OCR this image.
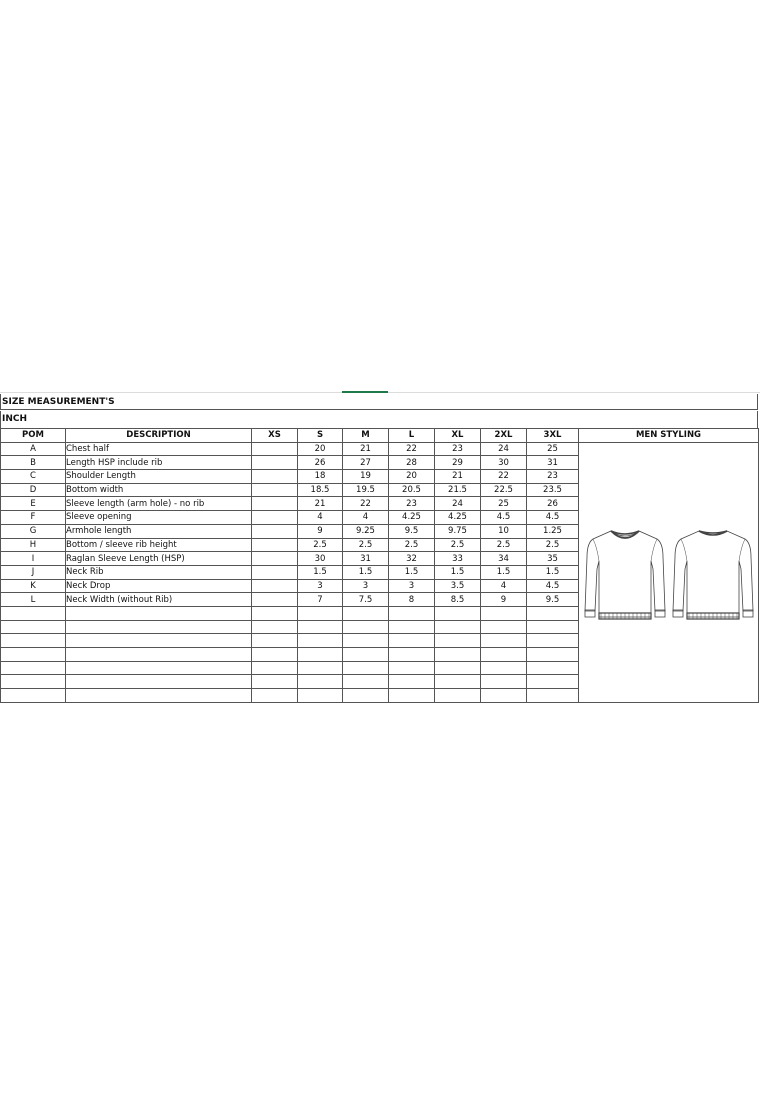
SIZE MEASUREMENT'S
INCH
POM	DESCRIPTION	XS	S	M	L	XL	2XL	3XL	MEN STYLING
A	Chest half		20	21	22	23	24	25	

B	Length HSP include rib		26	27	28	29	30	31	
C	Shoulder Length		18	19	20	21	22	23	
D	Bottom width		18.5	19.5	20.5	21.5	22.5	23.5	
E	Sleeve length (arm hole) - no rib		21	22	23	24	25	26	
F	Sleeve opening		4	4	4.25	4.25	4.5	4.5	
G	Armhole length		9	9.25	9.5	9.75	10	1.25	
H	Bottom / sleeve rib height		2.5	2.5	2.5	2.5	2.5	2.5	
I	Raglan Sleeve Length (HSP)		30	31	32	33	34	35	
J	Neck Rib		1.5	1.5	1.5	1.5	1.5	1.5	
K	Neck Drop		3	3	3	3.5	4	4.5	
L	Neck Width (without Rib)		7	7.5	8	8.5	9	9.5	
